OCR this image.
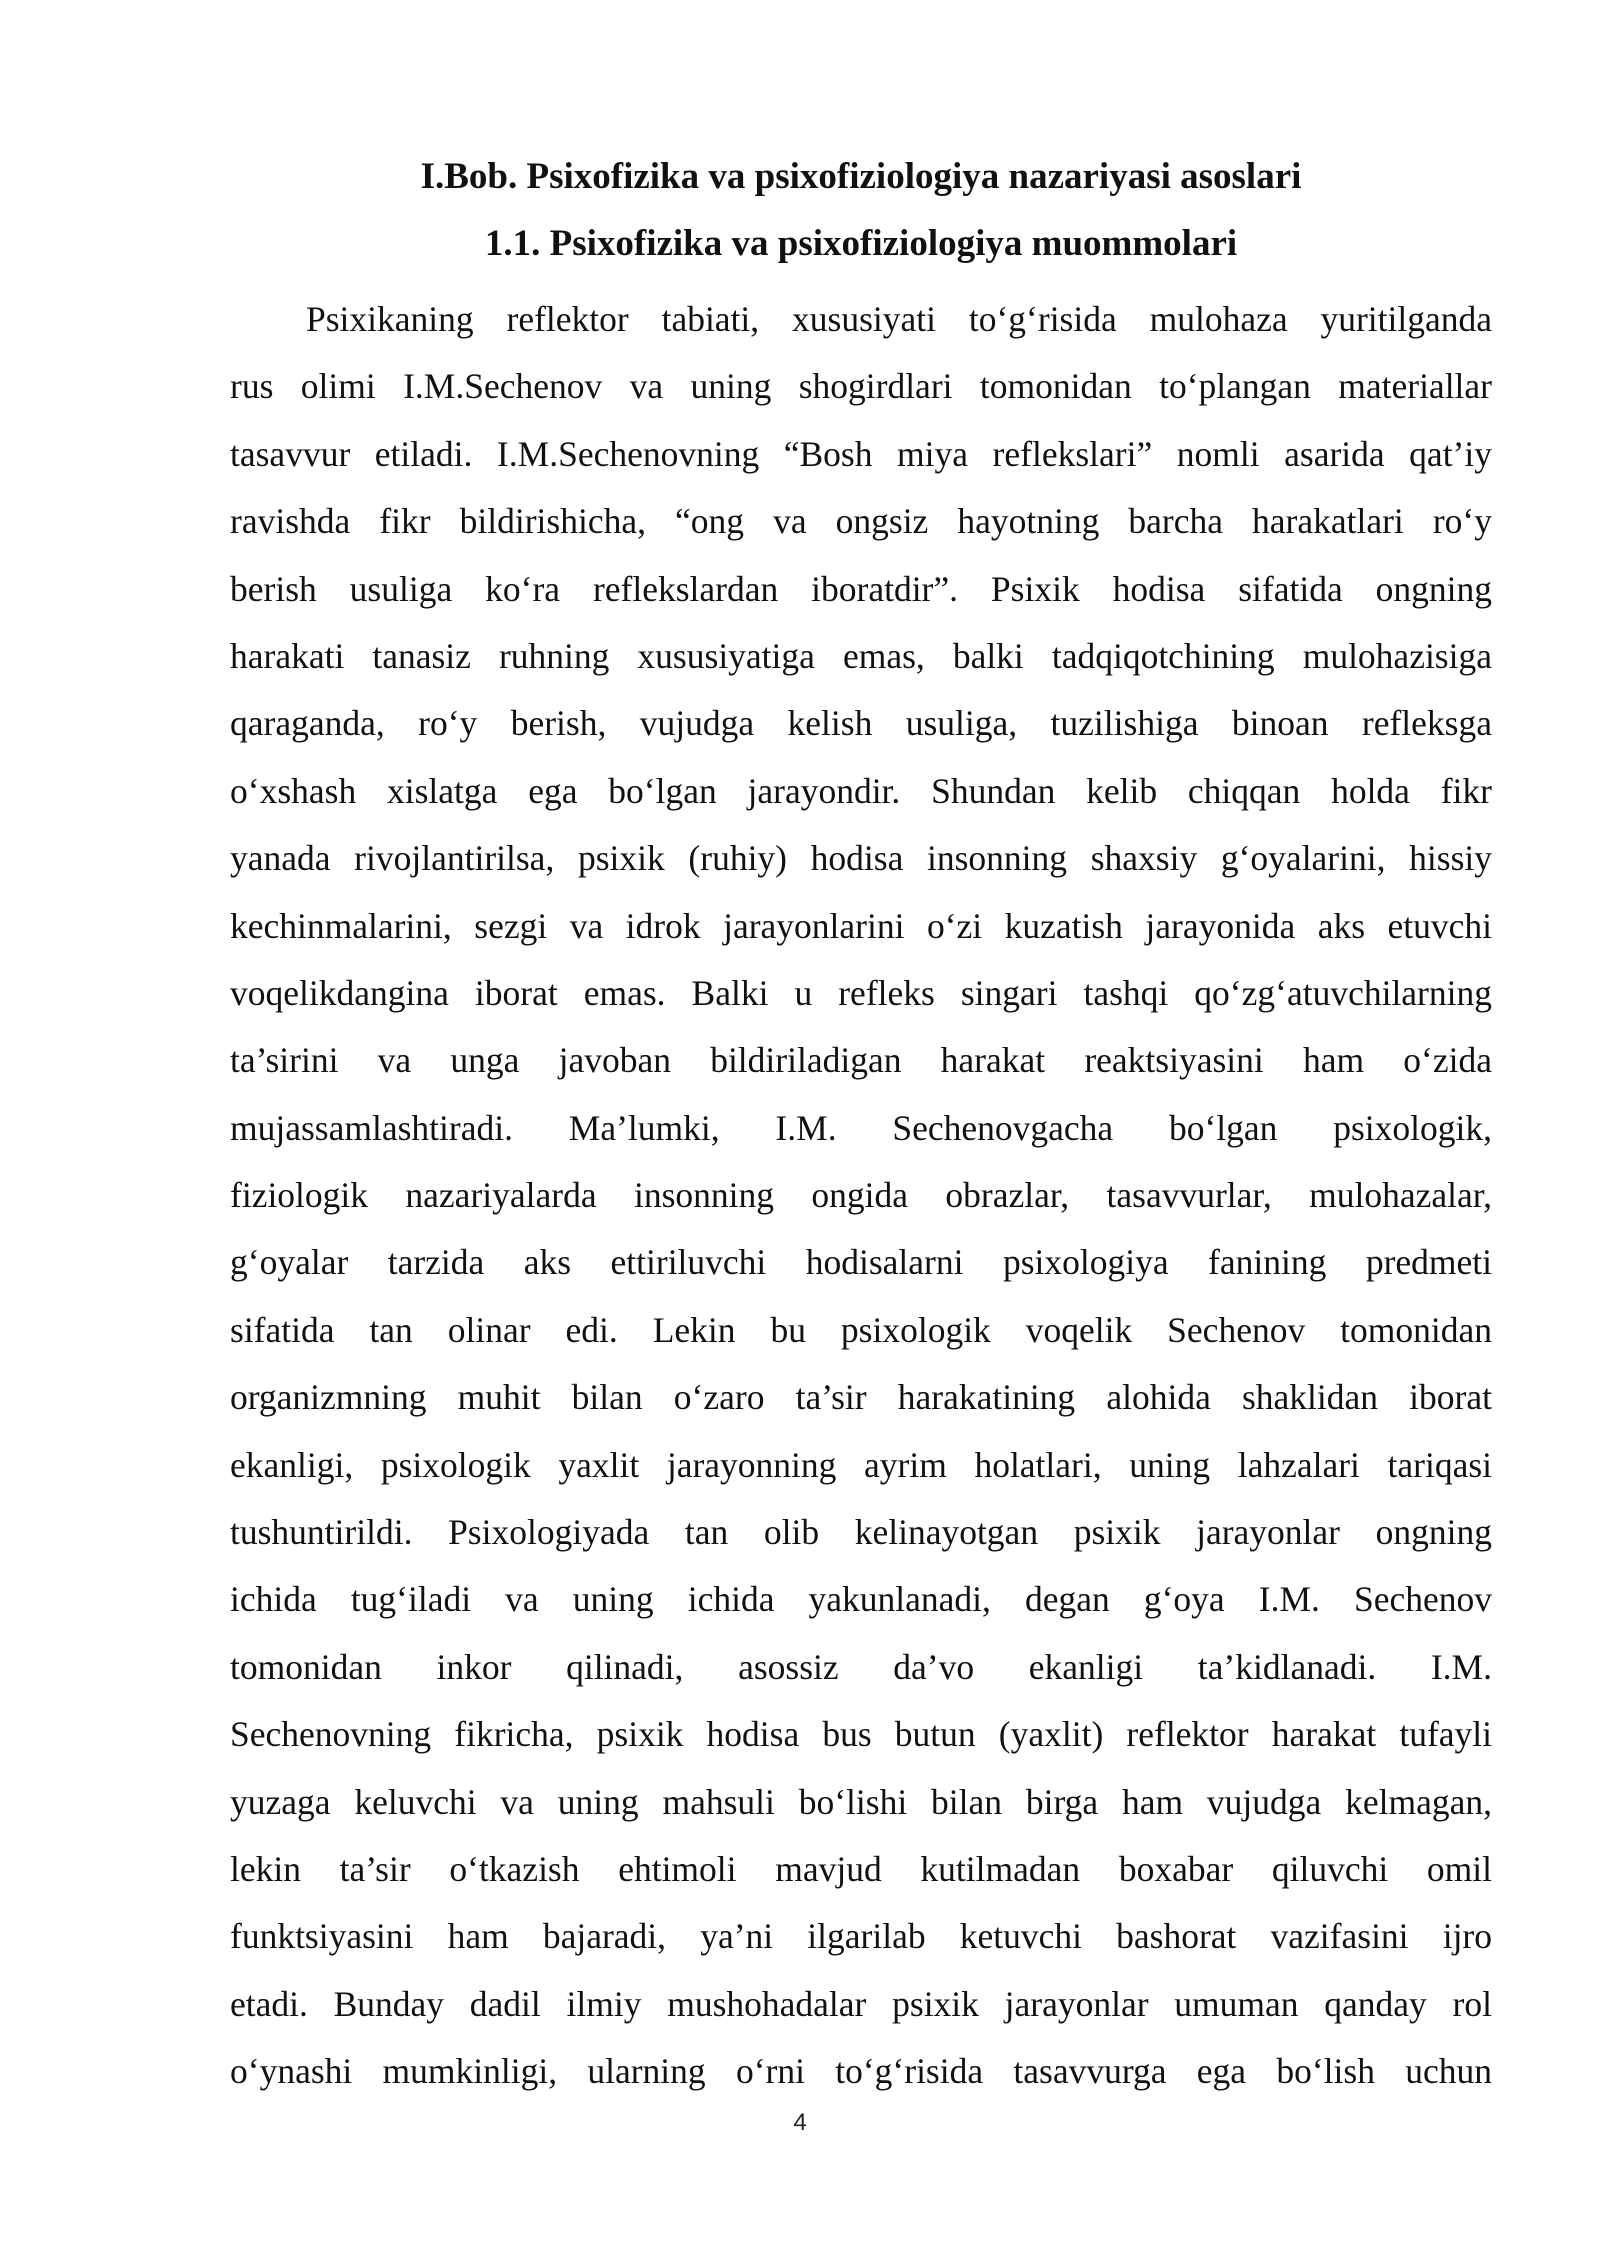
I.Bob. Psixofizika va psixofiziologiya nazariyasi asoslari
1.1. Psixofizika va psixofiziologiya muommolari
Psixikaning reflektor tabiati, xususiyati to‘g‘risida mulohaza yuritilganda
rus olimi I.M.Sechenov va uning shogirdlari tomonidan to‘plangan materiallar
tasavvur etiladi. I.M.Sechenovning “Bosh miya reflekslari” nomli asarida qat’iy
ravishda fikr bildirishicha, “ong va ongsiz hayotning barcha harakatlari ro‘y
berish usuliga ko‘ra reflekslardan iboratdir”. Psixik hodisa sifatida ongning
harakati tanasiz ruhning xususiyatiga emas, balki tadqiqotchining mulohazisiga
qaraganda, ro‘y berish, vujudga kelish usuliga, tuzilishiga binoan refleksga
o‘xshash xislatga ega bo‘lgan jarayondir. Shundan kelib chiqqan holda fikr
yanada rivojlantirilsa, psixik (ruhiy) hodisa insonning shaxsiy g‘oyalarini, hissiy
kechinmalarini, sezgi va idrok jarayonlarini o‘zi kuzatish jarayonida aks etuvchi
voqelikdangina iborat emas. Balki u refleks singari tashqi qo‘zg‘atuvchilarning
ta’sirini va unga javoban bildiriladigan harakat reaktsiyasini ham o‘zida
mujassamlashtiradi. Ma’lumki, I.M. Sechenovgacha bo‘lgan psixologik,
fiziologik nazariyalarda insonning ongida obrazlar, tasavvurlar, mulohazalar,
g‘oyalar tarzida aks ettiriluvchi hodisalarni psixologiya fanining predmeti
sifatida tan olinar edi. Lekin bu psixologik voqelik Sechenov tomonidan
organizmning muhit bilan o‘zaro ta’sir harakatining alohida shaklidan iborat
ekanligi, psixologik yaxlit jarayonning ayrim holatlari, uning lahzalari tariqasi
tushuntirildi. Psixologiyada tan olib kelinayotgan psixik jarayonlar ongning
ichida tug‘iladi va uning ichida yakunlanadi, degan g‘oya I.M. Sechenov
tomonidan inkor qilinadi, asossiz da’vo ekanligi ta’kidlanadi. I.M.
Sechenovning fikricha, psixik hodisa bus butun (yaxlit) reflektor harakat tufayli
yuzaga keluvchi va uning mahsuli bo‘lishi bilan birga ham vujudga kelmagan,
lekin ta’sir o‘tkazish ehtimoli mavjud kutilmadan boxabar qiluvchi omil
funktsiyasini ham bajaradi, ya’ni ilgarilab ketuvchi bashorat vazifasini ijro
etadi. Bunday dadil ilmiy mushohadalar psixik jarayonlar umuman qanday rol
o‘ynashi mumkinligi, ularning o‘rni to‘g‘risida tasavvurga ega bo‘lish uchun
4
